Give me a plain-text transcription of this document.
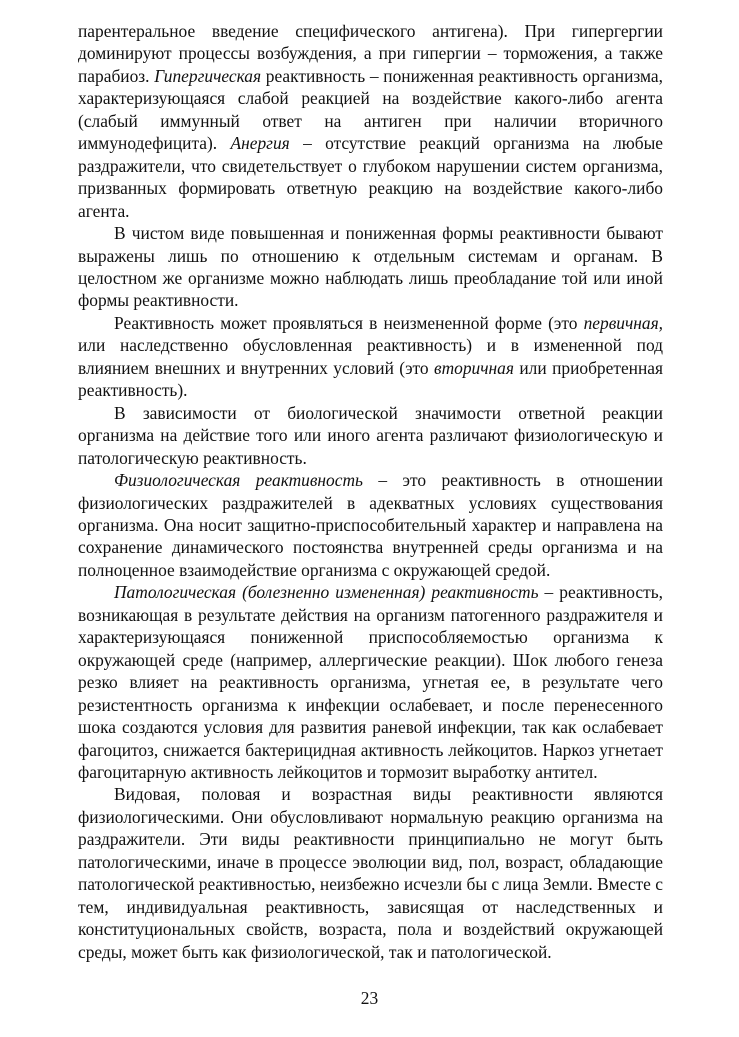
парентеральное введение специфического антигена). При гипергергии доминируют процессы возбуждения, а при гипергии – торможения, а также парабиоз. Гипергическая реактивность – пониженная реактивность организма, характеризующаяся слабой реакцией на воздействие какого-либо агента (слабый иммунный ответ на антиген при наличии вторичного иммунодефицита). Анергия – отсутствие реакций организма на любые раздражители, что свидетельствует о глубоком нарушении систем организма, призванных формировать ответную реакцию на воздействие какого-либо агента.

В чистом виде повышенная и пониженная формы реактивности бывают выражены лишь по отношению к отдельным системам и органам. В целостном же организме можно наблюдать лишь преобладание той или иной формы реактивности.

Реактивность может проявляться в неизмененной форме (это первичная, или наследственно обусловленная реактивность) и в измененной под влиянием внешних и внутренних условий (это вторичная или приобретенная реактивность).

В зависимости от биологической значимости ответной реакции организма на действие того или иного агента различают физиологическую и патологическую реактивность.

Физиологическая реактивность – это реактивность в отношении физиологических раздражителей в адекватных условиях существования организма. Она носит защитно-приспособительный характер и направлена на сохранение динамического постоянства внутренней среды организма и на полноценное взаимодействие организма с окружающей средой.

Патологическая (болезненно измененная) реактивность – реактивность, возникающая в результате действия на организм патогенного раздражителя и характеризующаяся пониженной приспособляемостью организма к окружающей среде (например, аллергические реакции). Шок любого генеза резко влияет на реактивность организма, угнетая ее, в результате чего резистентность организма к инфекции ослабевает, и после перенесенного шока создаются условия для развития раневой инфекции, так как ослабевает фагоцитоз, снижается бактерицидная активность лейкоцитов. Наркоз угнетает фагоцитарную активность лейкоцитов и тормозит выработку антител.

Видовая, половая и возрастная виды реактивности являются физиологическими. Они обусловливают нормальную реакцию организма на раздражители. Эти виды реактивности принципиально не могут быть патологическими, иначе в процессе эволюции вид, пол, возраст, обладающие патологической реактивностью, неизбежно исчезли бы с лица Земли. Вместе с тем, индивидуальная реактивность, зависящая от наследственных и конституциональных свойств, возраста, пола и воздействий окружающей среды, может быть как физиологической, так и патологической.

23
